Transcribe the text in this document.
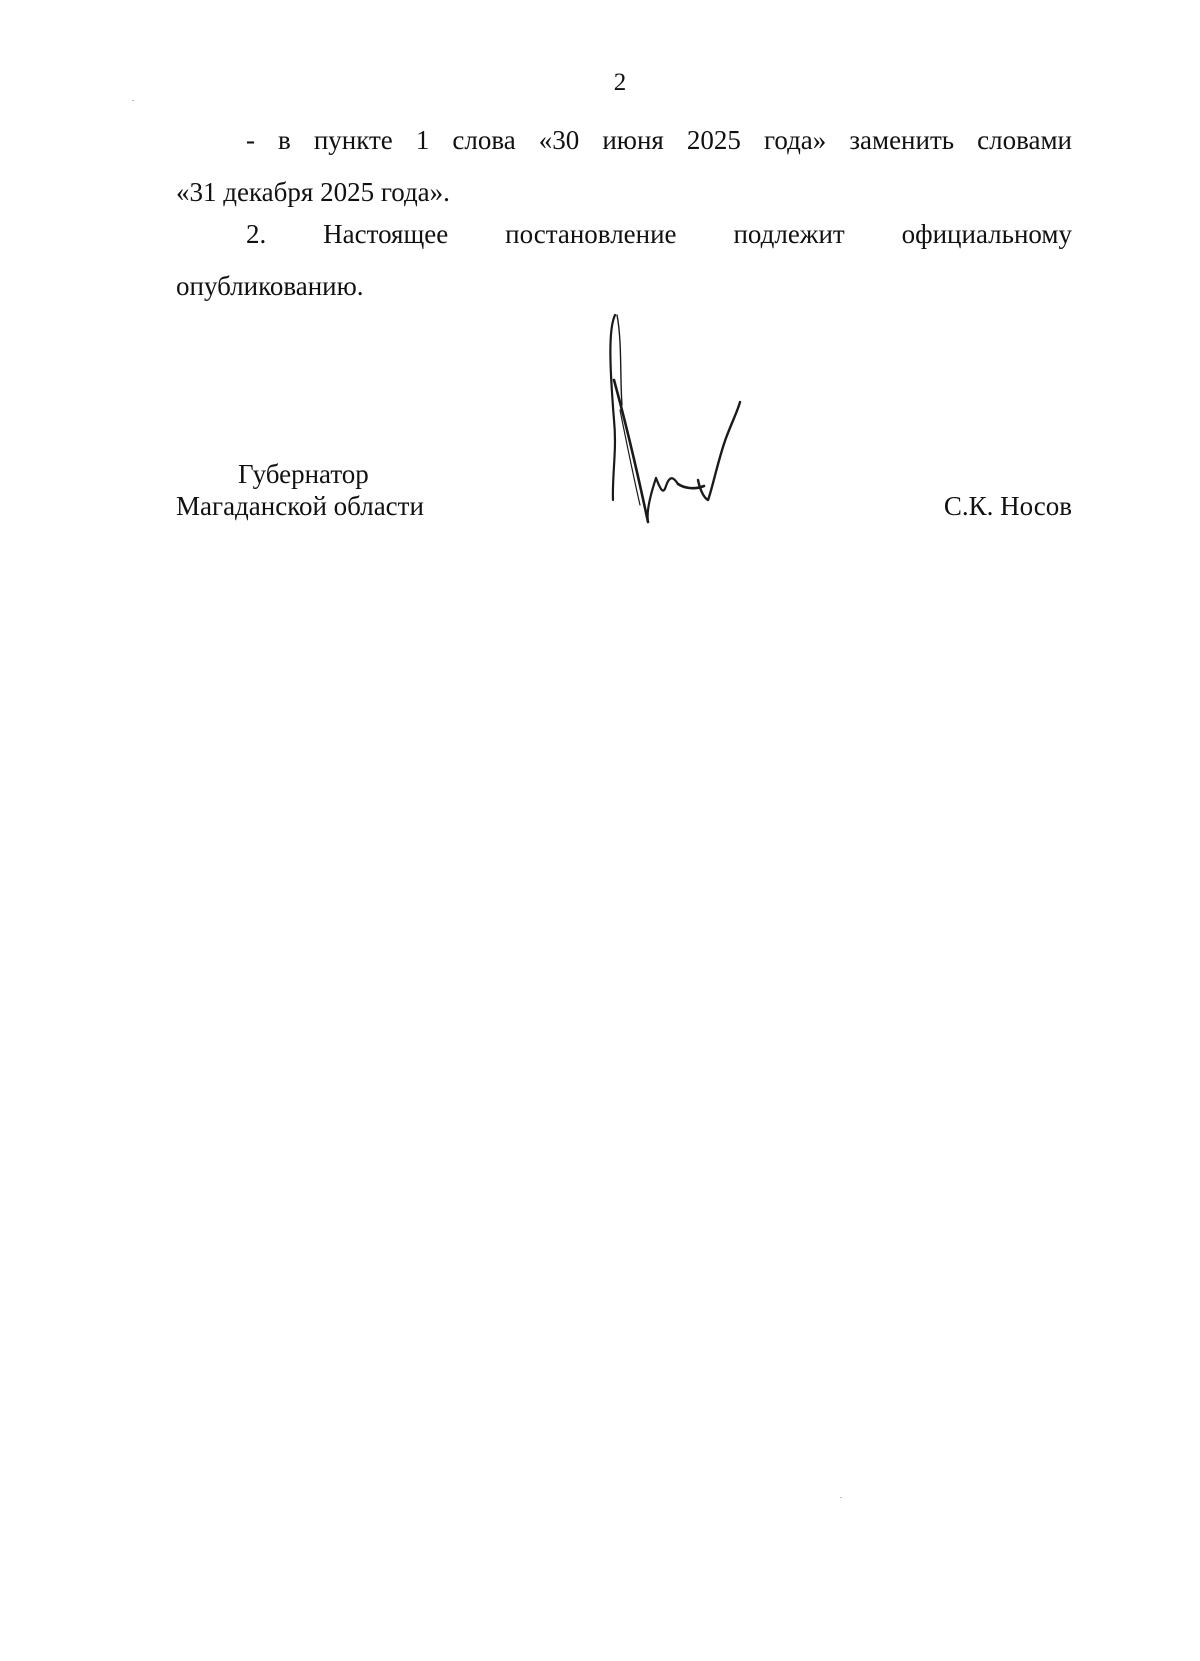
2

- в пункте 1 слова «30 июня 2025 года» заменить словами
«31 декабря 2025 года».

2. Настоящее постановление подлежит официальному
опубликованию.

Губернатор
Магаданской области	С.К. Носов
